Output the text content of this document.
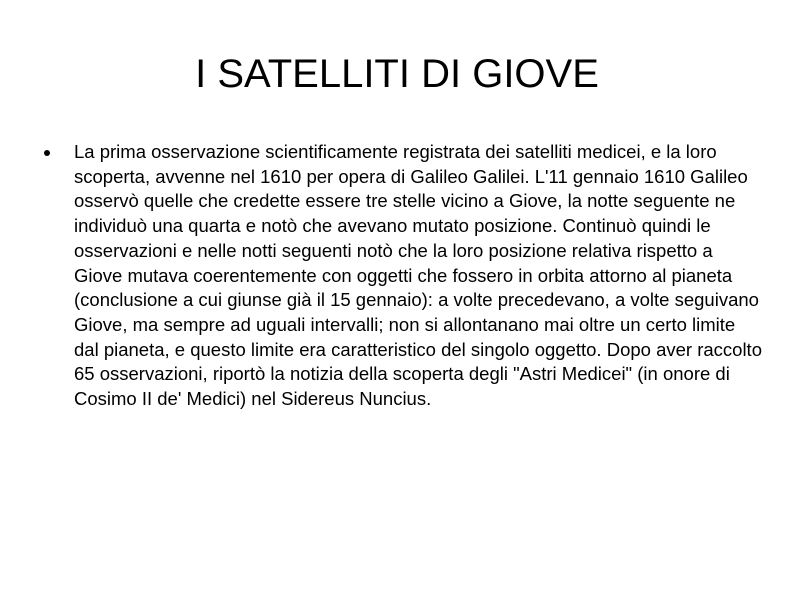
I SATELLITI DI GIOVE
La prima osservazione scientificamente registrata dei satelliti medicei, e la loro scoperta, avvenne nel 1610 per opera di Galileo Galilei. L'11 gennaio 1610 Galileo osservò quelle che credette essere tre stelle vicino a Giove, la notte seguente ne individuò una quarta e notò che avevano mutato posizione. Continuò quindi le osservazioni e nelle notti seguenti notò che la loro posizione relativa rispetto a Giove mutava coerentemente con oggetti che fossero in orbita attorno al pianeta (conclusione a cui giunse già il 15 gennaio): a volte precedevano, a volte seguivano Giove, ma sempre ad uguali intervalli; non si allontanano mai oltre un certo limite dal pianeta, e questo limite era caratteristico del singolo oggetto. Dopo aver raccolto 65 osservazioni, riportò la notizia della scoperta degli "Astri Medicei" (in onore di Cosimo II de' Medici) nel Sidereus Nuncius.
